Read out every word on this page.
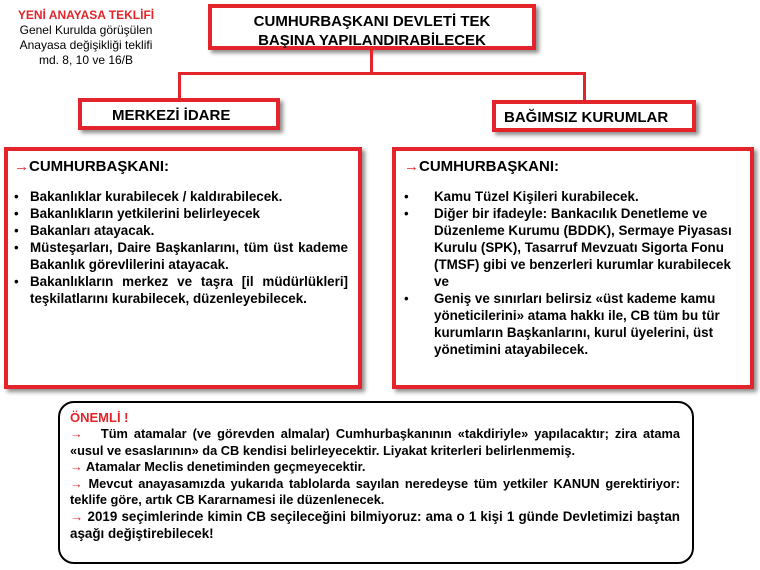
YENİ ANAYASA TEKLİFİ
Genel Kurulda görüşülen
Anayasa değişikliği teklifi
md. 8, 10 ve 16/B
CUMHURBAŞKANI DEVLETİ TEK
BAŞINA YAPILANDIRABİLECEK
MERKEZİ İDARE	BAĞIMSIZ KURUMLAR
→CUMHURBAŞKANI:
• Bakanlıklar kurabilecek / kaldırabilecek.
• Bakanlıkların yetkilerini belirleyecek
• Bakanları atayacak.
• Müsteşarları, Daire Başkanlarını, tüm üst kademe Bakanlık görevlilerini atayacak.
• Bakanlıkların merkez ve taşra [il müdürlükleri] teşkilatlarını kurabilecek, düzenleyebilecek.
→CUMHURBAŞKANI:
• Kamu Tüzel Kişileri kurabilecek.
• Diğer bir ifadeyle: Bankacılık Denetleme ve Düzenleme Kurumu (BDDK), Sermaye Piyasası Kurulu (SPK), Tasarruf Mevzuatı Sigorta Fonu (TMSF) gibi ve benzerleri kurumlar kurabilecek ve
• Geniş ve sınırları belirsiz «üst kademe kamu yöneticilerini» atama hakkı ile, CB tüm bu tür kurumların Başkanlarını, kurul üyelerini, üst yönetimini atayabilecek.
ÖNEMLİ !

→ Tüm atamalar (ve görevden almalar) Cumhurbaşkanının «takdiriyle» yapılacaktır; zira atama «usul ve esaslarının» da CB kendisi belirleyecektir. Liyakat kriterleri belirlenmemiş.

→ Atamalar Meclis denetiminden geçmeyecektir.

→ Mevcut anayasamızda yukarıda tablolarda sayılan neredeyse tüm yetkiler KANUN gerektiriyor: teklife göre, artık CB Kararnamesi ile düzenlenecek.

→ 2019 seçimlerinde kimin CB seçileceğini bilmiyoruz: ama o 1 kişi 1 günde Devletimizi baştan aşağı değiştirebilecek!
